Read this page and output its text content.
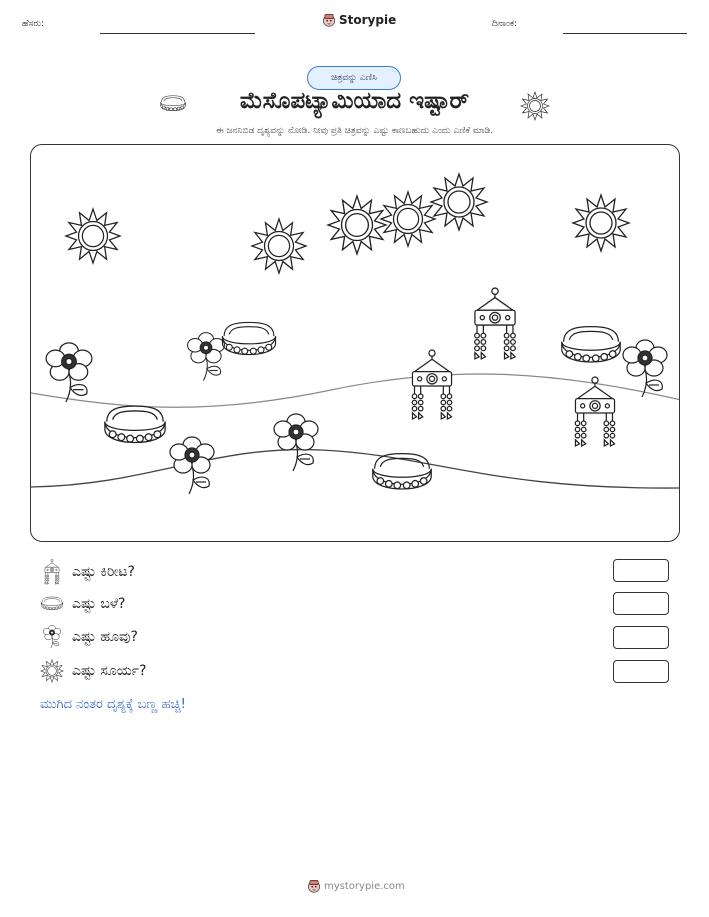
ಹೆಸರು:	Storypie	ದಿನಾಂಕ:
ಚಿತ್ರವನ್ನು ಎಣಿಸಿ
ಮೆಸೊಪಟ್ಯಾಮಿಯಾದ ಇಷ್ಟಾರ್
ಈ ಜನನಿಬಿಡ ದೃಶ್ಯವನ್ನು ನೋಡಿ. ನೀವು ಪ್ರತಿ ಚಿತ್ರವನ್ನು ಎಷ್ಟು ಕಾಣಬಹುದು ಎಂದು ಎಣಿಕೆ ಮಾಡಿ.
ಎಷ್ಟು ಕಿರೀಟ?
ಎಷ್ಟು ಬಳೆ?
ಎಷ್ಟು ಹೂವು?
ಎಷ್ಟು ಸೂರ್ಯ?
ಮುಗಿದ ನಂತರ ದೃಶ್ಯಕ್ಕೆ ಬಣ್ಣ ಹಚ್ಚಿ!
mystorypie.com
